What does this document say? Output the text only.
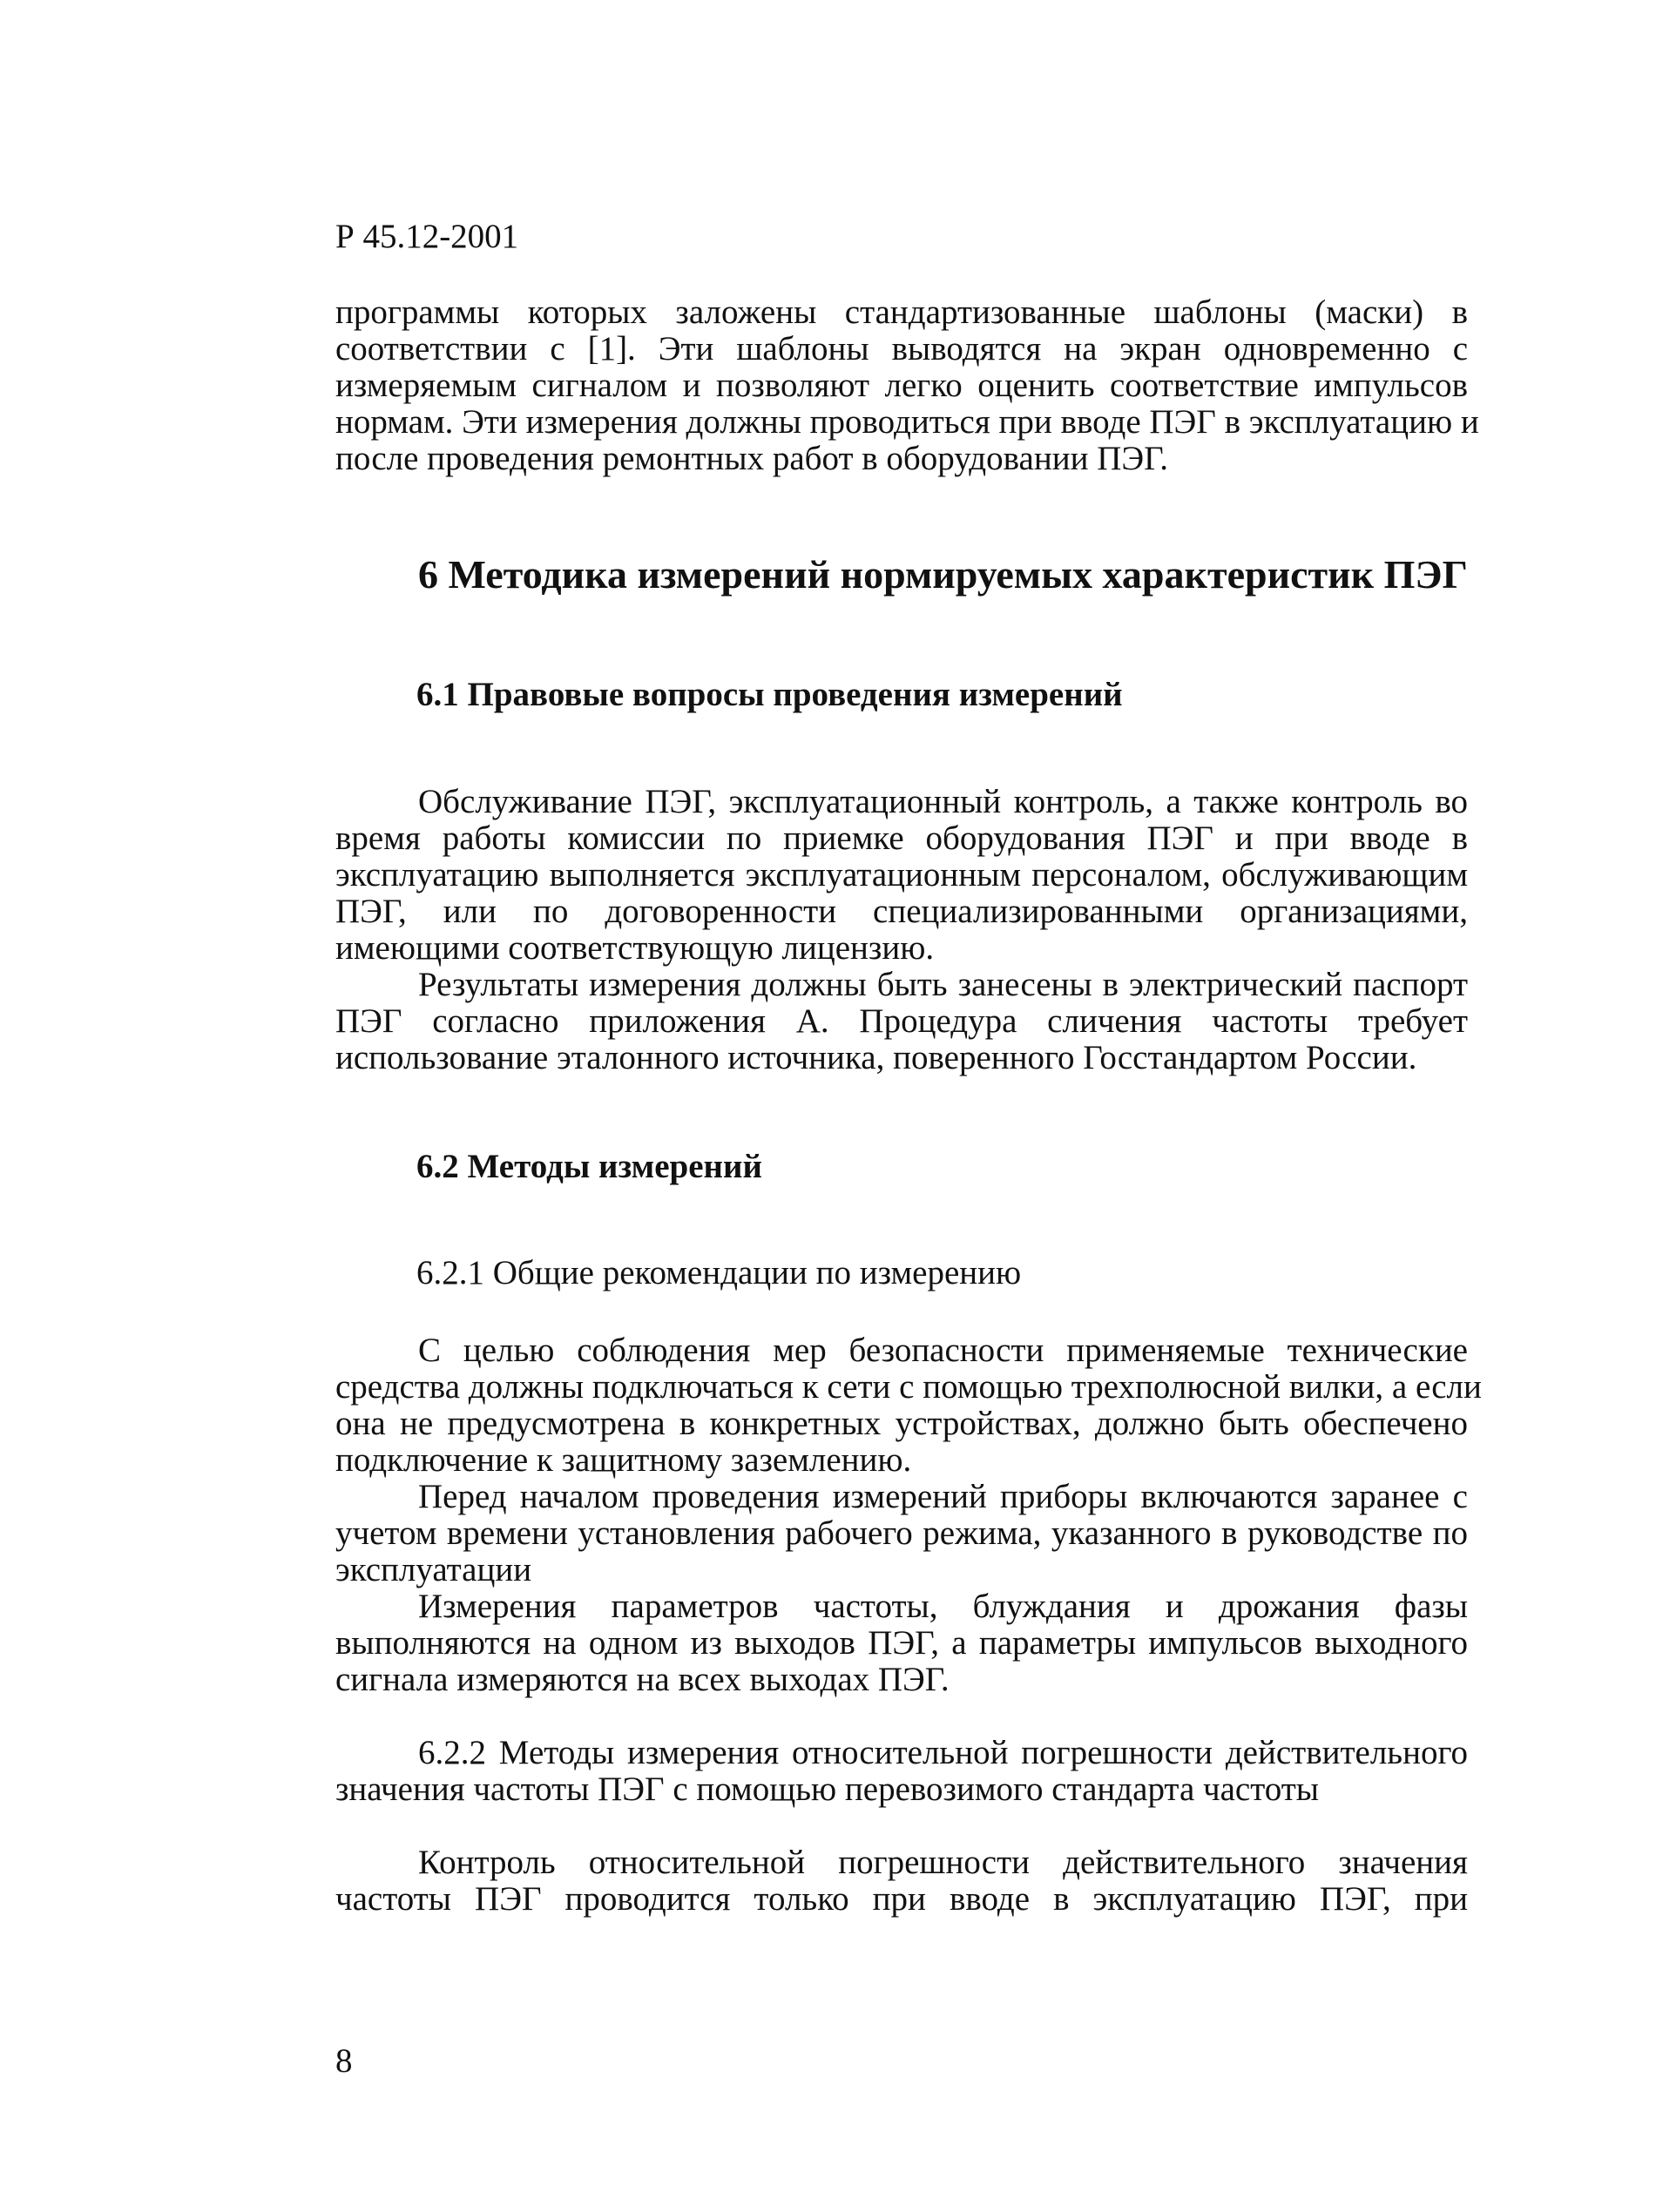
Р 45.12-2001
программы которых заложены стандартизованные шаблоны (маски) в
соответствии с [1]. Эти шаблоны выводятся на экран одновременно с
измеряемым сигналом и позволяют легко оценить соответствие импульсов
нормам. Эти измерения должны проводиться при вводе ПЭГ в эксплуатацию и
после проведения ремонтных работ в оборудовании ПЭГ.
6 Методика измерений нормируемых характеристик ПЭГ
6.1 Правовые вопросы проведения измерений
Обслуживание ПЭГ, эксплуатационный контроль, а также контроль во
время работы комиссии по приемке оборудования ПЭГ и при вводе в
эксплуатацию выполняется эксплуатационным персоналом, обслуживающим
ПЭГ, или по договоренности специализированными организациями,
имеющими соответствующую лицензию.
Результаты измерения должны быть занесены в электрический паспорт
ПЭГ согласно приложения А. Процедура сличения частоты требует
использование эталонного источника, поверенного Госстандартом России.
6.2 Методы измерений
6.2.1 Общие рекомендации по измерению
С целью соблюдения мер безопасности применяемые технические
средства должны подключаться к сети с помощью трехполюсной вилки, а если
она не предусмотрена в конкретных устройствах, должно быть обеспечено
подключение к защитному заземлению.
Перед началом проведения измерений приборы включаются заранее с
учетом времени установления рабочего режима, указанного в руководстве по
эксплуатации
Измерения параметров частоты, блуждания и дрожания фазы
выполняются на одном из выходов ПЭГ, а параметры импульсов выходного
сигнала измеряются на всех выходах ПЭГ.
6.2.2 Методы измерения относительной погрешности действительного
значения частоты ПЭГ с помощью перевозимого стандарта частоты
Контроль относительной погрешности действительного значения
частоты ПЭГ проводится только при вводе в эксплуатацию ПЭГ, при
8
